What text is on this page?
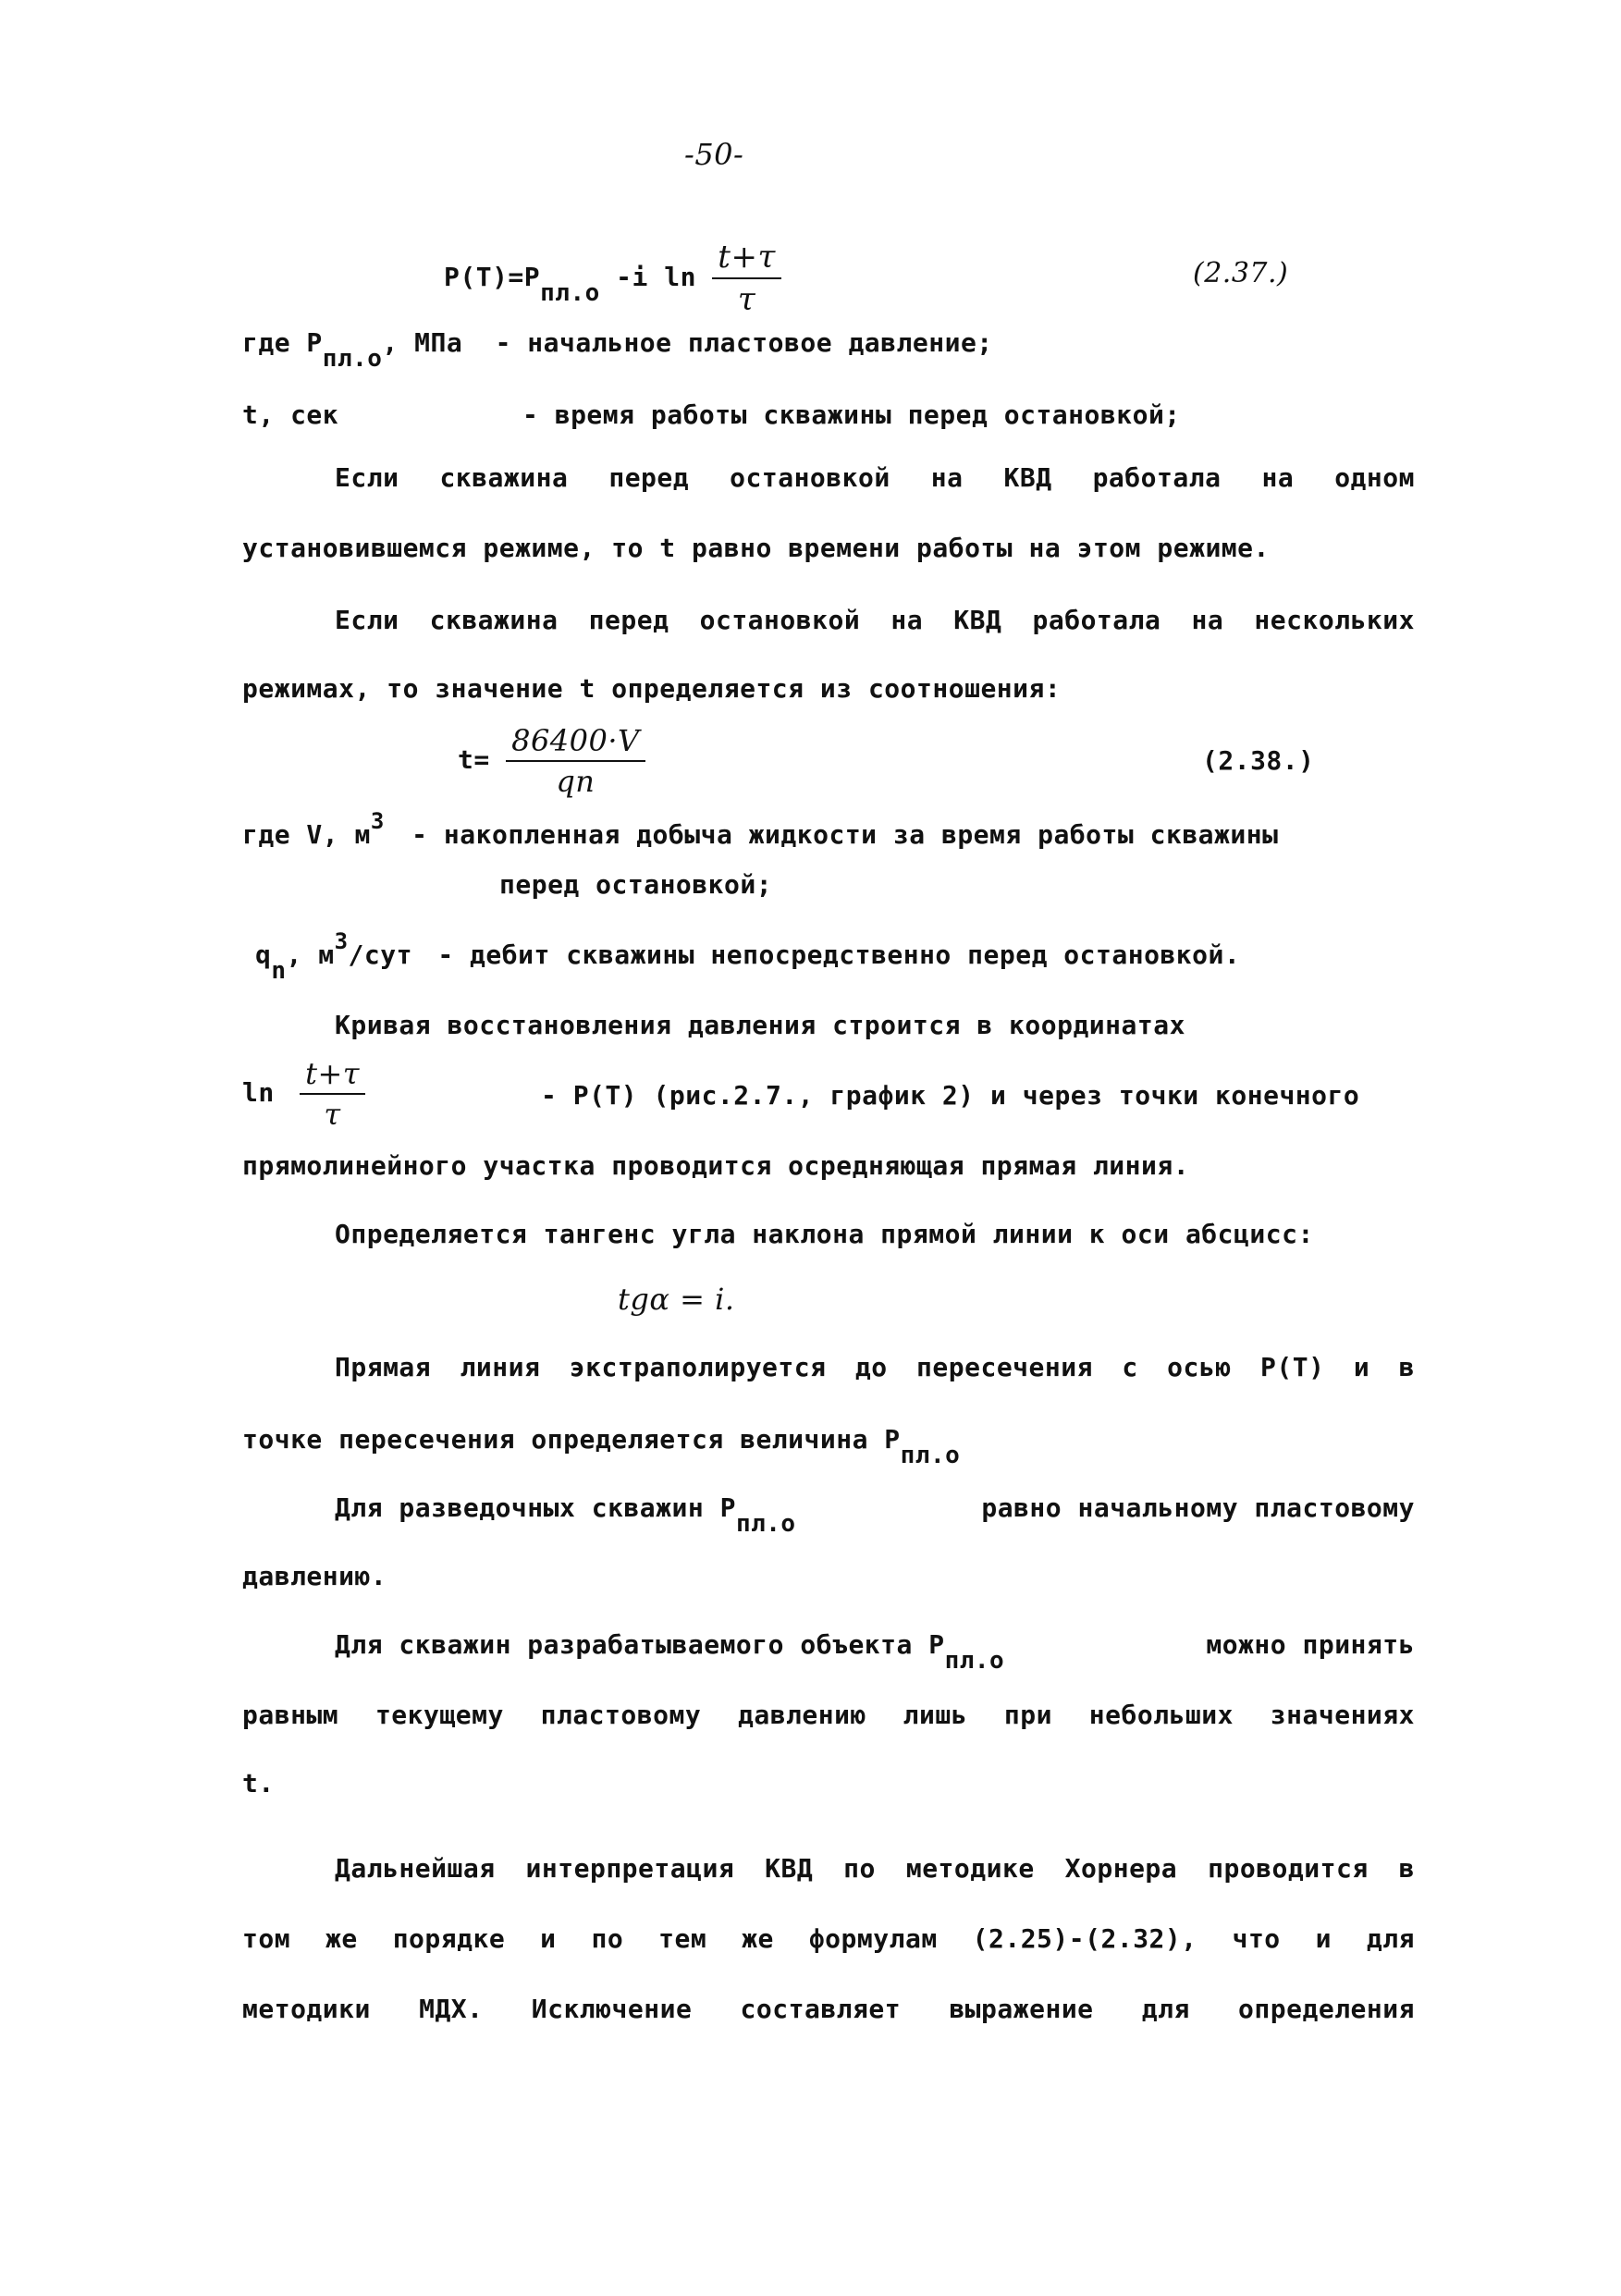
-50-
P(T)=Pпл.о -i $\ln \frac{t+\tau}{\tau}$	(2.37.)
где Pпл.о, МПа - начальное пластовое давление;
t, сек	- время работы скважины перед остановкой;
Если скважина перед остановкой на КВД работала на одном
установившемся режиме, то t равно времени работы на этом режиме.
Если скважина перед остановкой на КВД работала на нескольких
режимах, то значение t определяется из соотношения:
$t= \frac{86400\cdot V}{qn}$	(2.38.)
где V, м3 - накопленная добыча жидкости за время работы скважины
перед остановкой;
qn, м3/сут - дебит скважины непосредственно перед остановкой.
Кривая восстановления давления строится в координатах
$\ln \frac{t+\tau}{\tau}$	- P(T) (рис.2.7., график 2) и через точки конечного
прямолинейного участка проводится осредняющая прямая линия.
Определяется тангенс угла наклона прямой линии к оси абсцисс:
tgα = i.
Прямая линия экстраполируется до пересечения с осью P(T) и в
точке пересечения определяется величина Pпл.о
Для разведочных скважин Pпл.о
равно начальному пластовому
давлению.
Для скважин разрабатываемого объекта Pпл.о
можно принять
равным текущему пластовому давлению лишь при небольших значениях
t.
Дальнейшая интерпретация КВД по методике Хорнера проводится в
том же порядке и по тем же формулам (2.25)-(2.32), что и для
методики МДХ. Исключение составляет выражение для определения
